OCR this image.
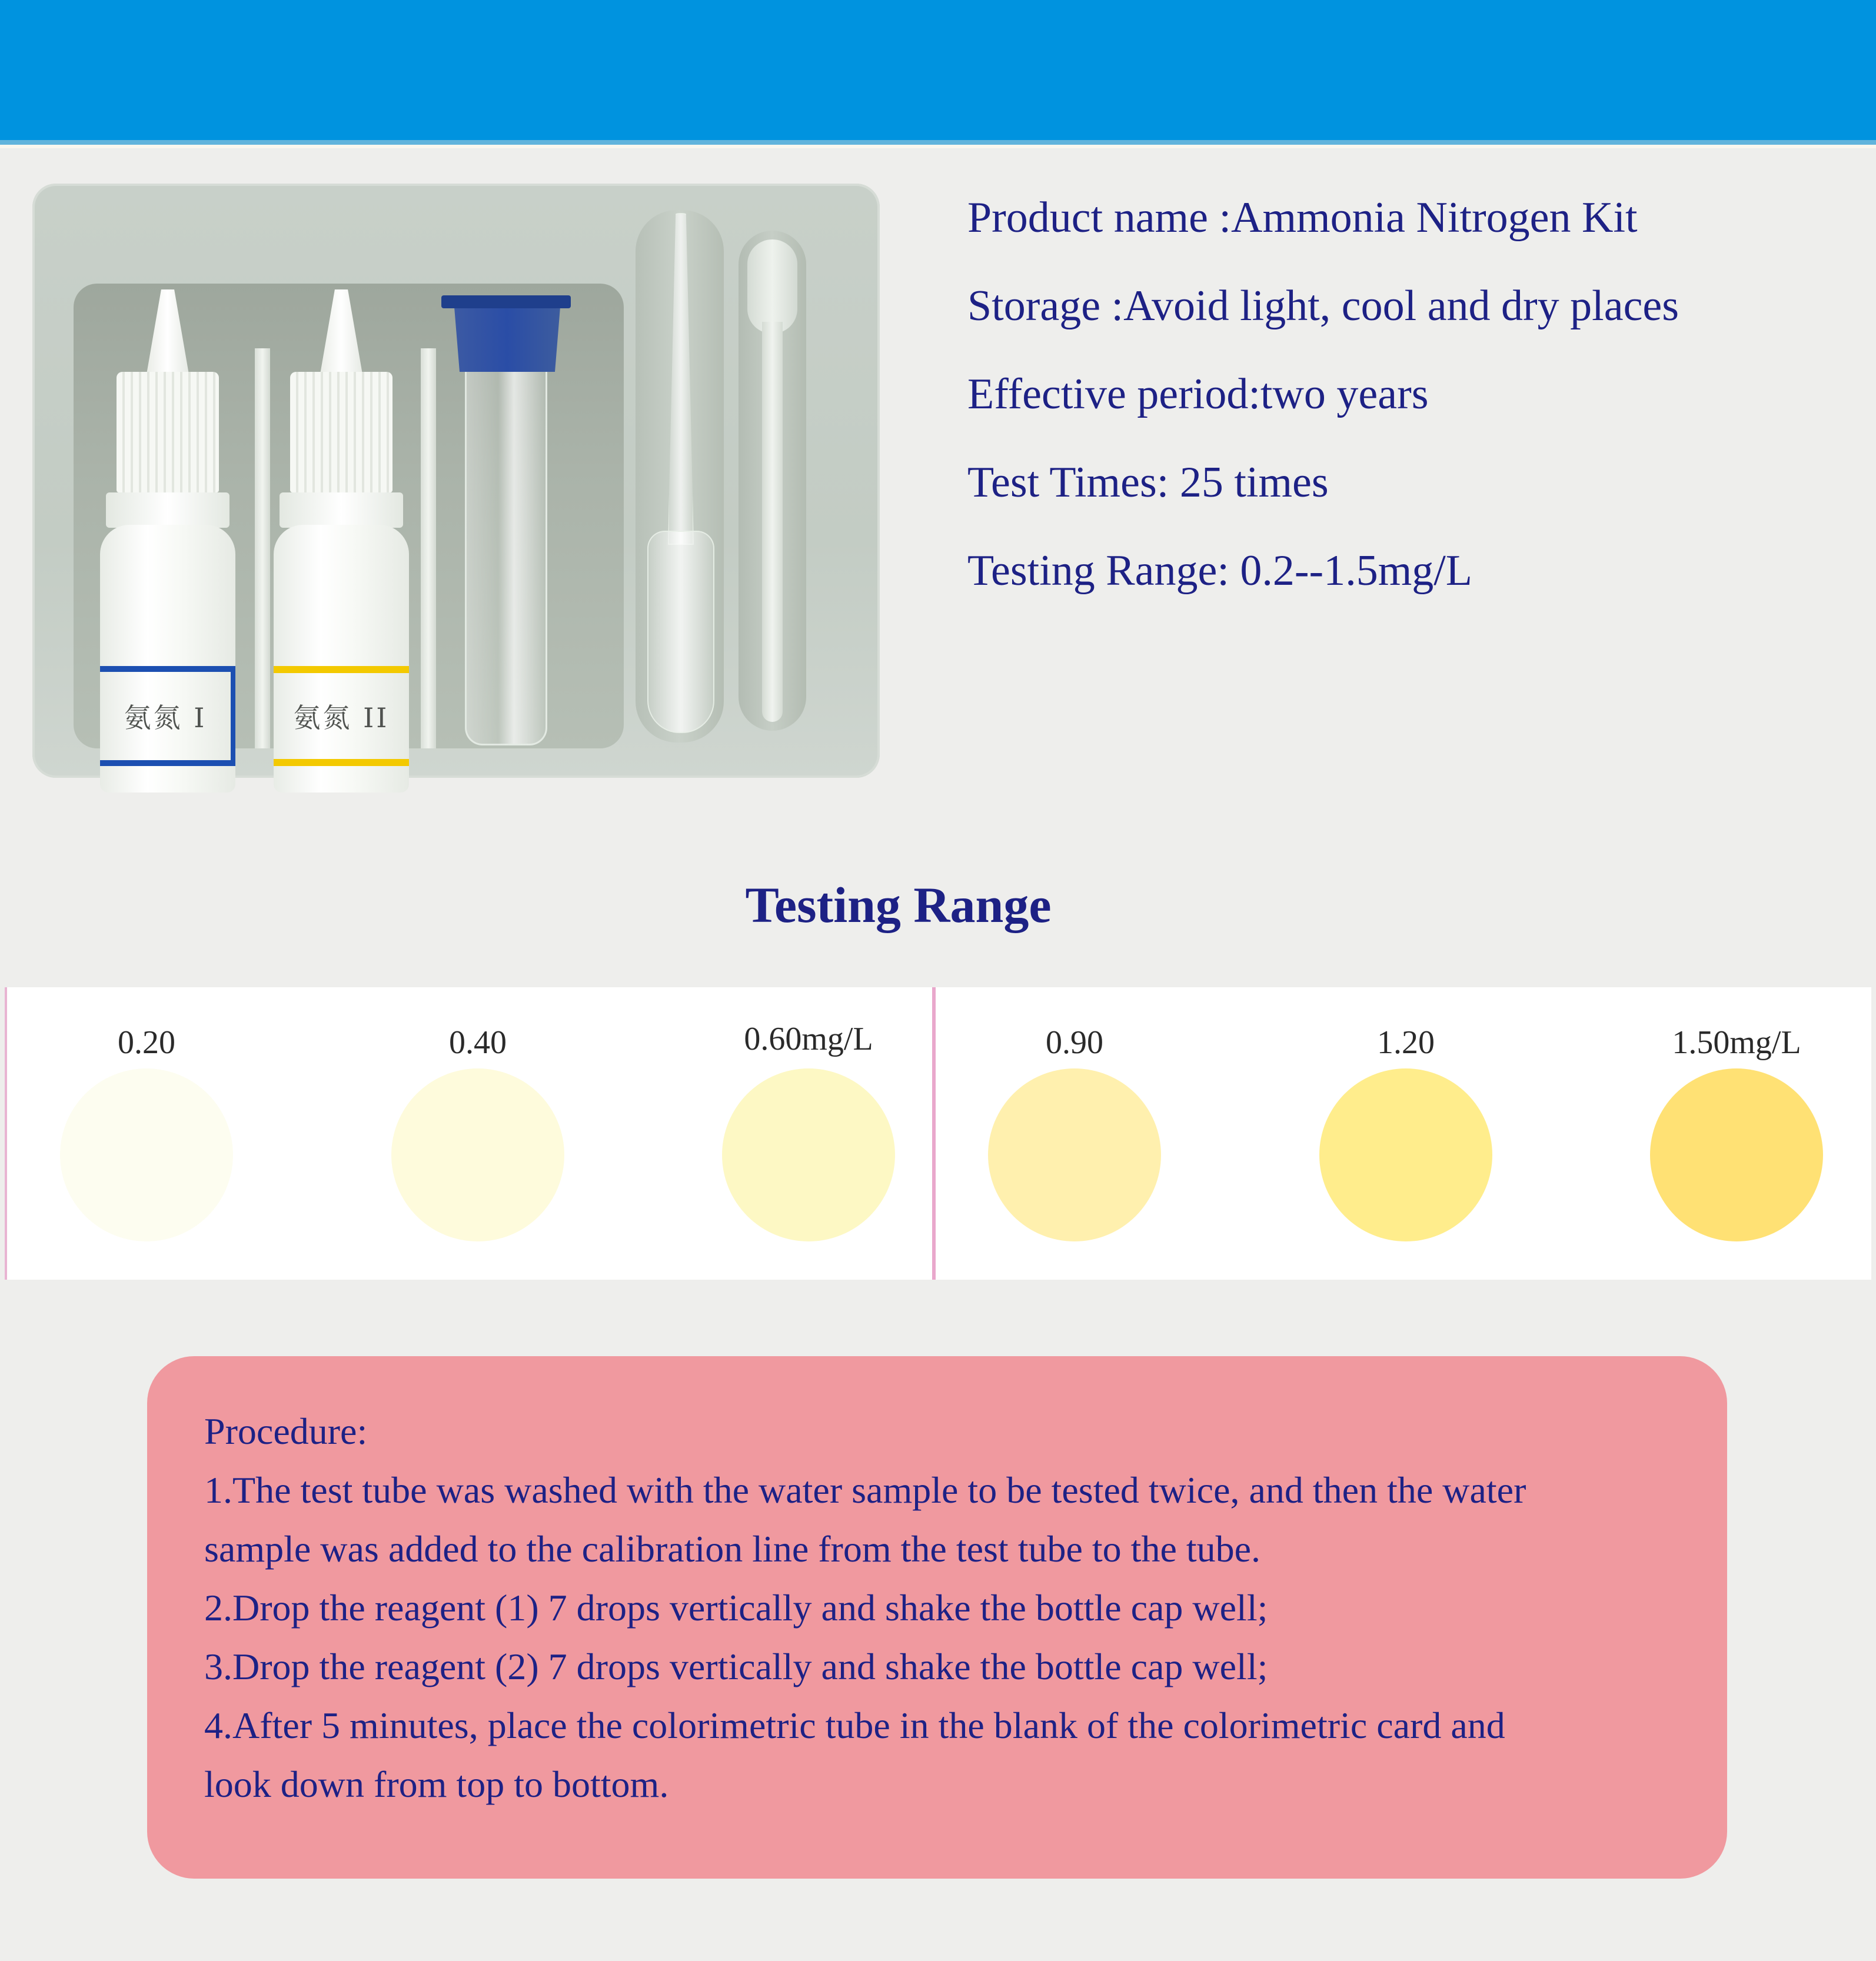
氨氮 I	氨氮 II
Product name :Ammonia Nitrogen Kit
Storage :Avoid light, cool and dry places
Effective period:two years
Test Times: 25 times
Testing Range: 0.2--1.5mg/L
Testing Range
0.20	0.40	0.60mg/L	0.90	1.20	1.50mg/L

Procedure:

1.The test tube was washed with the water sample to be tested twice, and then the water

sample was added to the calibration line from the test tube to the tube.

2.Drop the reagent (1) 7 drops vertically and shake the bottle cap well;

3.Drop the reagent (2) 7 drops vertically and shake the bottle cap well;

4.After 5 minutes, place the colorimetric tube in the blank of the colorimetric card and

look down from top to bottom.
